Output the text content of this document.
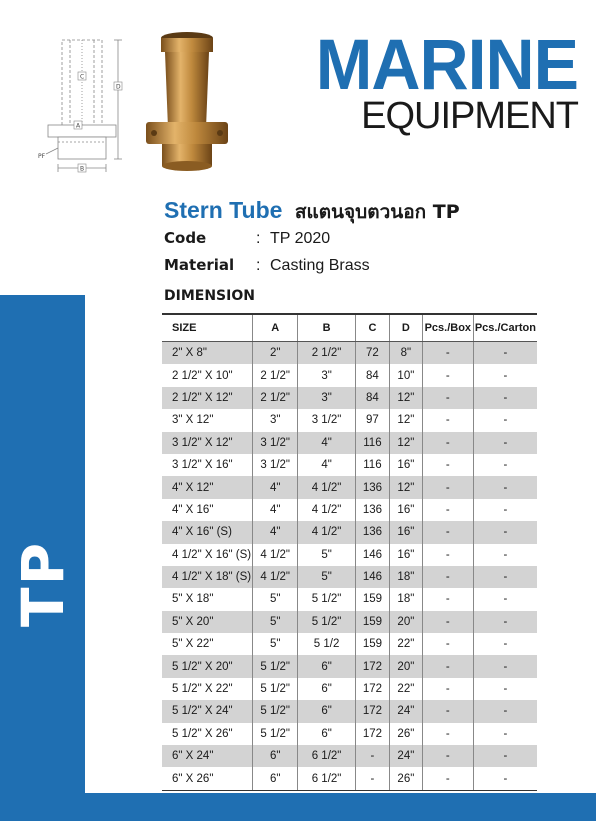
TP
C
D
A
PF
B
MARINE
EQUIPMENT
Stern Tube สแตนจุบตวนอก TP
Code	: TP 2020
Material : Casting Brass
DIMENSION
SIZE	A	B	C	D	Pcs./Box	Pcs./Carton
2" X 8"	2"	2 1/2"	72	8"	-	-
2 1/2" X 10"	2 1/2"	3"	84	10"	-	-
2 1/2" X 12"	2 1/2"	3"	84	12"	-	-
3" X 12"	3"	3 1/2"	97	12"	-	-
3 1/2" X 12"	3 1/2"	4"	116	12"	-	-
3 1/2" X 16"	3 1/2"	4"	116	16"	-	-
4" X 12"	4"	4 1/2"	136	12"	-	-
4" X 16"	4"	4 1/2"	136	16"	-	-
4" X 16" (S)	4"	4 1/2"	136	16"	-	-
4 1/2" X 16" (S)	4 1/2"	5"	146	16"	-	-
4 1/2" X 18" (S)	4 1/2"	5"	146	18"	-	-
5" X 18"	5"	5 1/2"	159	18"	-	-
5" X 20"	5"	5 1/2"	159	20"	-	-
5" X 22"	5"	5 1/2	159	22"	-	-
5 1/2" X 20"	5 1/2"	6"	172	20"	-	-
5 1/2" X 22"	5 1/2"	6"	172	22"	-	-
5 1/2" X 24"	5 1/2"	6"	172	24"	-	-
5 1/2" X 26"	5 1/2"	6"	172	26"	-	-
6" X 24"	6"	6 1/2"	-	24"	-	-
6" X 26"	6"	6 1/2"	-	26"	-	-
